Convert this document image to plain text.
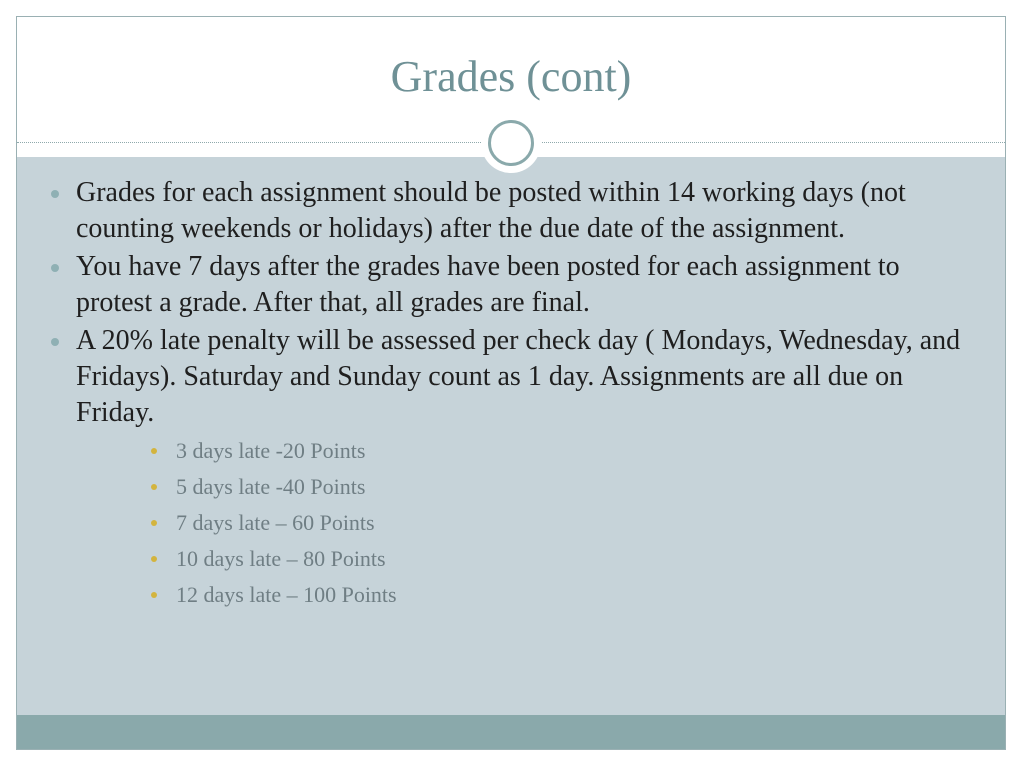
Grades (cont)
Grades for each assignment should be posted within 14 working days (not counting weekends or holidays) after the due date of the assignment.
You have 7 days after the grades have been posted for each assignment to protest a grade. After that, all grades are final.
A 20% late penalty will be assessed per check day ( Mondays, Wednesday, and Fridays). Saturday and Sunday count as 1 day. Assignments are all due on Friday.
3 days late -20 Points
5 days late -40 Points
7 days late – 60 Points
10 days late – 80 Points
12 days late – 100 Points
